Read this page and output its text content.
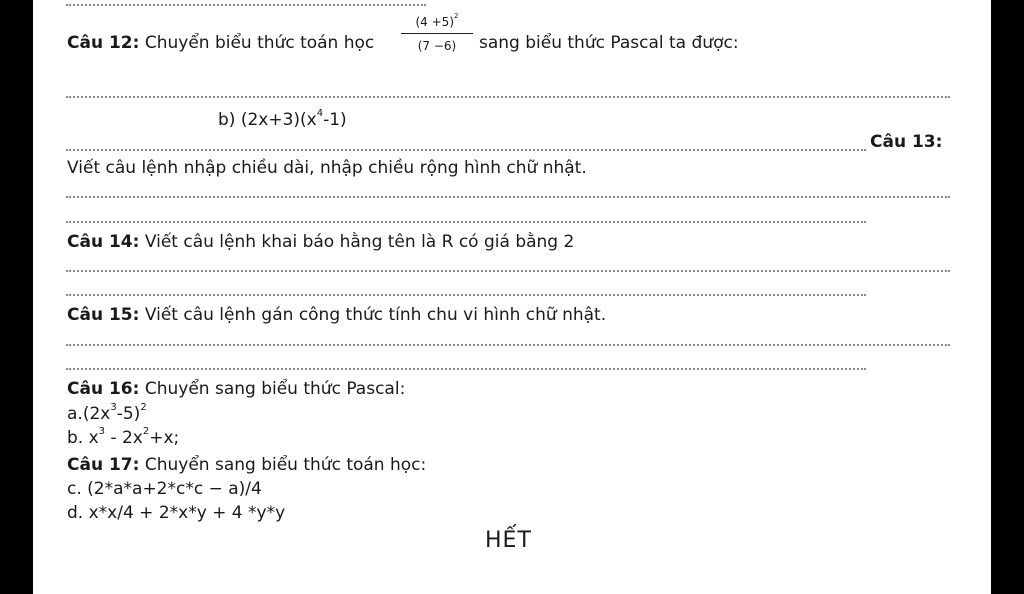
Câu 12: Chuyển biểu thức toán học $\frac{(4 +5)^2}{(7 -6)}$ sang biểu thức Pascal ta được:
b) $(2x+3)(x^4-1)$
Câu 13:
Viết câu lệnh nhập chiều dài, nhập chiều rộng hình chữ nhật.
Câu 14: Viết câu lệnh khai báo hằng tên là R có giá bằng 2
Câu 15: Viết câu lệnh gán công thức tính chu vi hình chữ nhật.
Câu 16: Chuyển sang biểu thức Pascal:
$a.(2x^3-5)^2$
b. $x^3 - 2x^2+x$;
Câu 17: Chuyển sang biểu thức toán học:
c. (2*a*a+2*c*c − a)/4
d. x*x/4 + 2*x*y + 4 *y*y
HẾT
